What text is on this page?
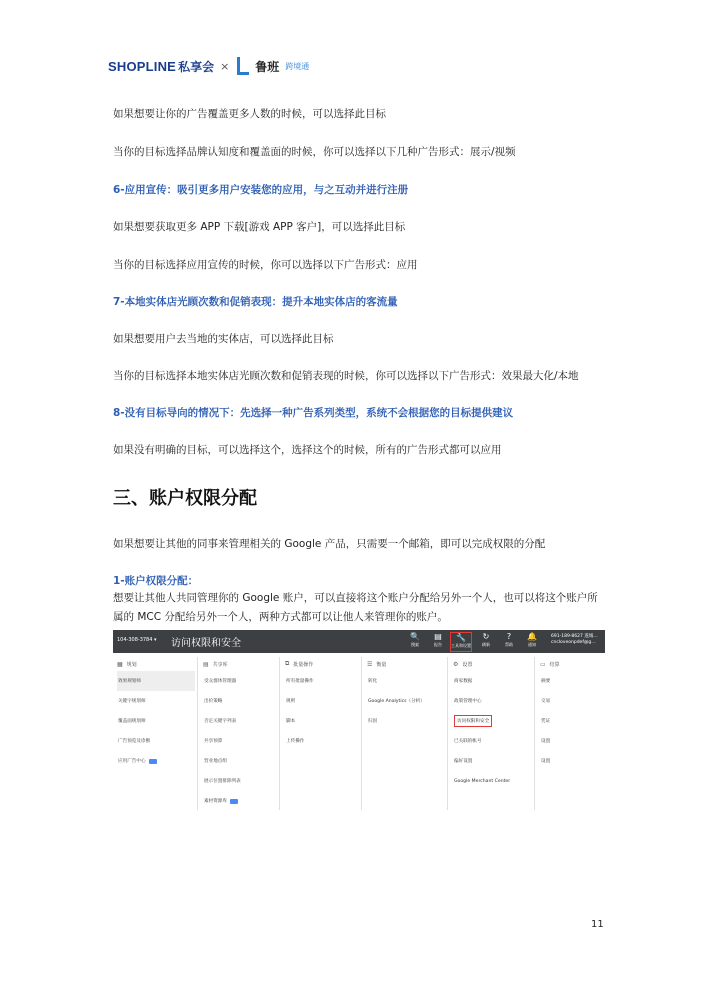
SHOPLINE 私享会 × 鲁班 跨境通
如果想要让你的广告覆盖更多人数的时候，可以选择此目标
当你的目标选择品牌认知度和覆盖面的时候，你可以选择以下几种广告形式：展示/视频
6-应用宣传：吸引更多用户安装您的应用，与之互动并进行注册
如果想要获取更多 APP 下载[游戏 APP 客户]，可以选择此目标
当你的目标选择应用宣传的时候，你可以选择以下广告形式：应用
7-本地实体店光顾次数和促销表现：提升本地实体店的客流量
如果想要用户去当地的实体店，可以选择此目标
当你的目标选择本地实体店光顾次数和促销表现的时候，你可以选择以下广告形式：效果最大化/本地
8-没有目标导向的情况下：先选择一种广告系列类型，系统不会根据您的目标提供建议
如果没有明确的目标，可以选择这个，选择这个的时候，所有的广告形式都可以应用
三、账户权限分配
如果想要让其他的同事来管理相关的 Google 产品，只需要一个邮箱，即可以完成权限的分配
1-账户权限分配：
想要让其他人共同管理你的 Google 账户，可以直接将这个账户分配给另外一个人，也可以将这个账户所属的 MCC 分配给另外一个人，两种方式都可以让他人来管理你的账户。
104-308-3784 ▾ 访问权限和安全
🔍
搜索
▤
报告
🔧
工具和设置
↻
刷新
?
帮助
🔔
通知
691-189-8627 遂城…
cncloveonpdef@g…
▦ 规划
效果规划师
关键字规划师
覆盖面规划师
广告预览及诊断
应用广告中心
▤ 共享库
受众群体管理器
出价策略
否定关键字列表
共享预算
营业地点组
展示位置排除列表
素材资源库
⧉ 批量操作
所有批量操作
规则
脚本
上传操作
☰ 衡量
转化
Google Analytics（分析）
归因
⚙ 设置
商家数据
政策管理中心
访问权限和安全
已关联的帐号
偏好设置
Google Merchant Center
▭ 结算
摘要
交易
凭证
设置
设置
11
